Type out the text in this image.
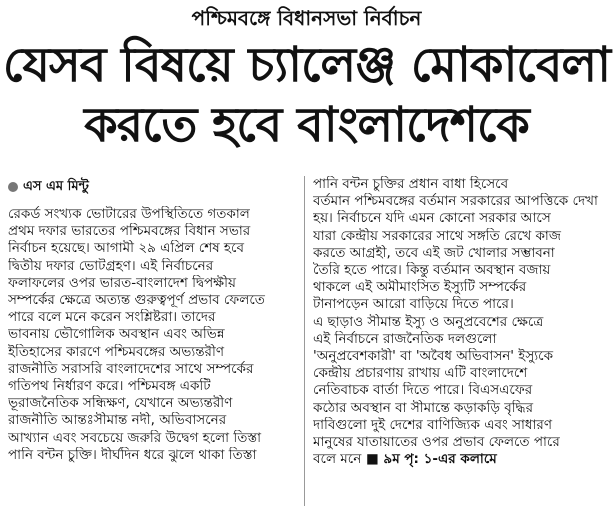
পশ্চিমবঙ্গে বিধানসভা নির্বাচন
যেসব বিষয়ে চ্যালেঞ্জ মোকাবেলা
করতে হবে বাংলাদেশকে
এস এম মিন্টু
রেকর্ড সংখ্যক ভোটারের উপস্থিতিতে গতকাল
প্রথম দফার ভারতের পশ্চিমবঙ্গের বিধান সভার
নির্বাচন হয়েছে। আগামী ২৯ এপ্রিল শেষ হবে
দ্বিতীয় দফার ভোটগ্রহণ। এই নির্বাচনের
ফলাফলের ওপর ভারত-বাংলাদেশ দ্বিপক্ষীয়
সম্পর্কের ক্ষেত্রে অত্যন্ত গুরুত্বপূর্ণ প্রভাব ফেলতে
পারে বলে মনে করেন সংশ্লিষ্টরা। তাদের
ভাবনায় ভৌগোলিক অবস্থান এবং অভিন্ন
ইতিহাসের কারণে পশ্চিমবঙ্গের অভ্যন্তরীণ
রাজনীতি সরাসরি বাংলাদেশের সাথে সম্পর্কের
গতিপথ নির্ধারণ করে। পশ্চিমবঙ্গ একটি
ভূরাজনৈতিক সন্ধিক্ষণ, যেখানে অভ্যন্তরীণ
রাজনীতি আন্তঃসীমান্ত নদী, অভিবাসনের
আখ্যান এবং সবচেয়ে জরুরি উদ্বেগ হলো তিস্তা
পানি বন্টন চুক্তি। দীর্ঘদিন ধরে ঝুলে থাকা তিস্তা
পানি বন্টন চুক্তির প্রধান বাধা হিসেবে
বর্তমান পশ্চিমবঙ্গের বর্তমান সরকারের আপত্তিকে দেখা
হয়। নির্বাচনে যদি এমন কোনো সরকার আসে
যারা কেন্দ্রীয় সরকারের সাথে সঙ্গতি রেখে কাজ
করতে আগ্রহী, তবে এই জট খোলার সম্ভাবনা
তৈরি হতে পারে। কিন্তু বর্তমান অবস্থান বজায়
থাকলে এই অমীমাংসিত ইস্যুটি সম্পর্কের
টানাপড়েন আরো বাড়িয়ে দিতে পারে।
এ ছাড়াও সীমান্ত ইস্যু ও অনুপ্রবেশের ক্ষেত্রে
এই নির্বাচনে রাজনৈতিক দলগুলো
'অনুপ্রবেশকারী' বা 'অবৈধ অভিবাসন' ইস্যুকে
কেন্দ্রীয় প্রচারণায় রাখায় এটি বাংলাদেশে
নেতিবাচক বার্তা দিতে পারে। বিএসএফের
কঠোর অবস্থান বা সীমান্তে কড়াকড়ি বৃদ্ধির
দাবিগুলো দুই দেশের বাণিজ্যিক এবং সাধারণ
মানুষের যাতায়াতের ওপর প্রভাব ফেলতে পারে
বলে মনে ■ ৯ম পৃ: ১-এর কলামে
